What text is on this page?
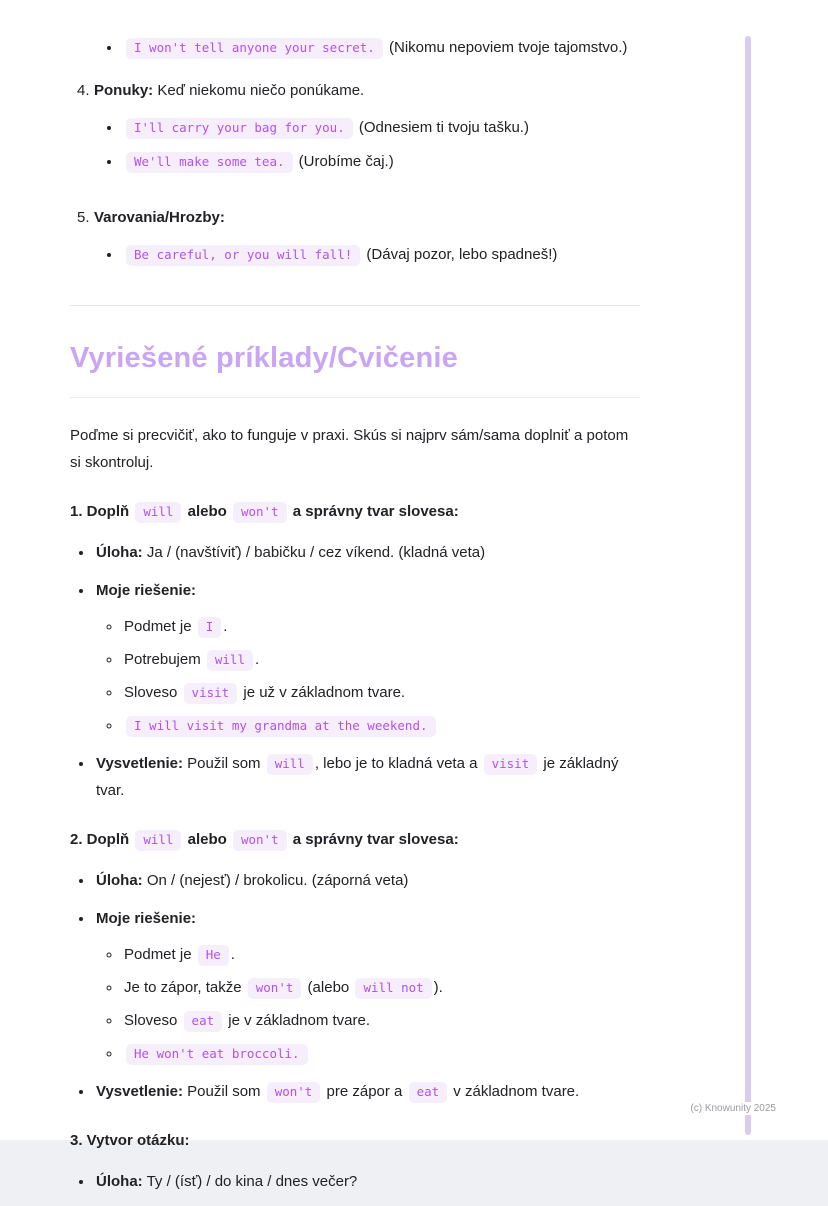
• I won't tell anyone your secret. (Nikomu nepoviem tvoje tajomstvo.)
4. Ponuky: Keď niekomu niečo ponúkame.

• I'll carry your bag for you. (Odnesiem ti tvoju tašku.)
• We'll make some tea. (Urobíme čaj.)
5. Varovania/Hrozby:

• Be careful, or you will fall! (Dávaj pozor, lebo spadneš!)
Vyriešené príklady/Cvičenie

Poďme si precvičiť, ako to funguje v praxi. Skús si najprv sám/sama doplniť a potom si skontroluj.

1. Doplň will alebo won't a správny tvar slovesa:

• Úloha: Ja / (navštíviť) / babičku / cez víkend. (kladná veta)

• Moje riešenie:

◦ Podmet je I .
◦ Potrebujem will .
◦ Sloveso visit je už v základnom tvare.
◦ I will visit my grandma at the weekend.
• Vysvetlenie: Použil som will , lebo je to kladná veta a visit je základný tvar.

2. Doplň will alebo won't a správny tvar slovesa:

• Úloha: On / (nejesť) / brokolicu. (záporná veta)

• Moje riešenie:

◦ Podmet je He .
◦ Je to zápor, takže won't (alebo will not ).
◦ Sloveso eat je v základnom tvare.
◦ He won't eat broccoli.
• Vysvetlenie: Použil som won't pre zápor a eat v základnom tvare.

3. Vytvor otázku:

• Úloha: Ty / (ísť) / do kina / dnes večer?
(c) Knowunity 2025
